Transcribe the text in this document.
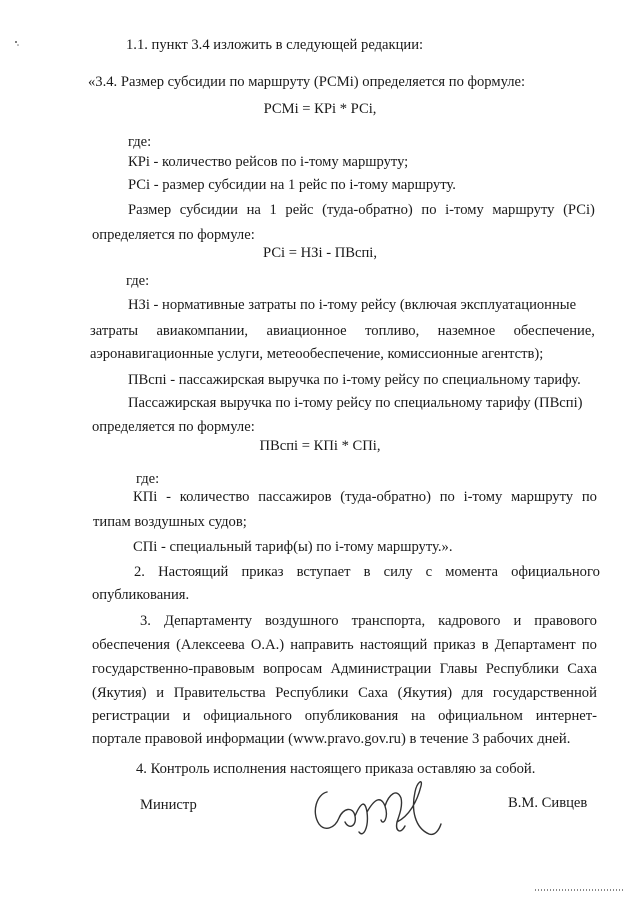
1.1. пункт 3.4 изложить в следующей редакции:
«3.4. Размер субсидии по маршруту (РСМi) определяется по формуле:
РСМi = КРi * РСi,
где:
КРi - количество рейсов по i-тому маршруту;
РСi - размер субсидии на 1 рейс по i-тому маршруту.
Размер субсидии на 1 рейс (туда-обратно) по i-тому маршруту (РСi)
определяется по формуле:
РСi = НЗi - ПВспi,
где:
НЗi - нормативные затраты по i-тому рейсу (включая эксплуатационные
затраты авиакомпании, авиационное топливо, наземное обеспечение,
аэронавигационные услуги, метеообеспечение, комиссионные агентств);
ПВспi - пассажирская выручка по i-тому рейсу по специальному тарифу.
Пассажирская выручка по i-тому рейсу по специальному тарифу (ПВспi)
определяется по формуле:
ПВспi = КПi * СПi,
где:
КПi - количество пассажиров (туда-обратно) по i-тому маршруту по
типам воздушных судов;
СПi - специальный тариф(ы) по i-тому маршруту.».
2. Настоящий приказ вступает в силу с момента официального
опубликования.
3. Департаменту воздушного транспорта, кадрового и правового
обеспечения (Алексеева О.А.) направить настоящий приказ в Департамент по
государственно-правовым вопросам Администрации Главы Республики Саха
(Якутия) и Правительства Республики Саха (Якутия) для государственной
регистрации и официального опубликования на официальном интернет-
портале правовой информации (www.pravo.gov.ru) в течение 3 рабочих дней.
4. Контроль исполнения настоящего приказа оставляю за собой.
Министр	В.М. Сивцев
